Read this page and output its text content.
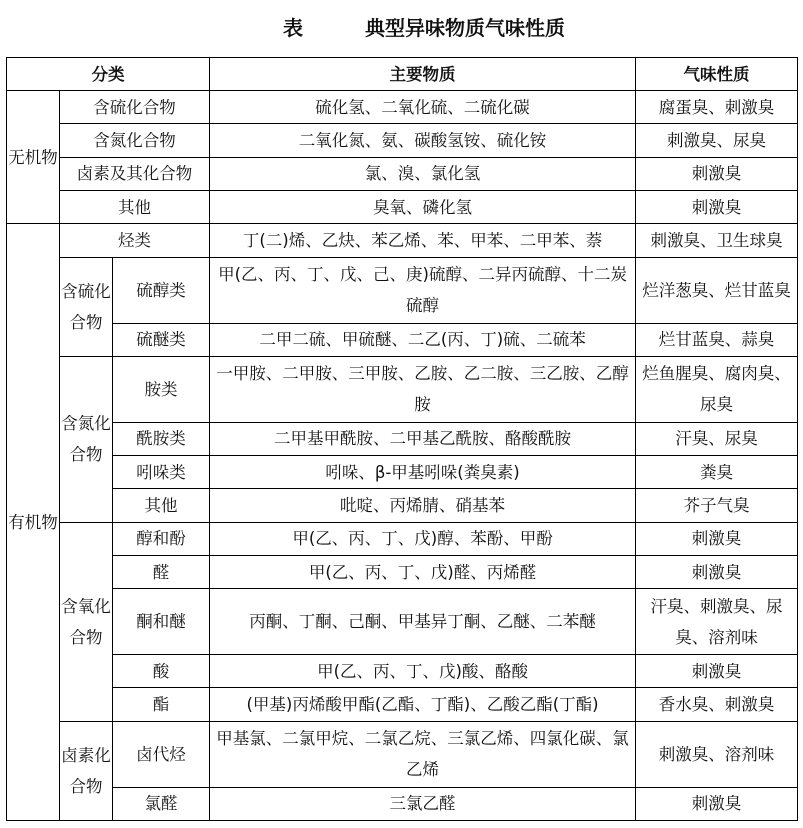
表	典型异味物质气味性质
分类			主要物质	气味性质
无机物	含硫化合物		硫化氢、二氧化硫、二硫化碳	腐蛋臭、刺激臭
	含氮化合物		二氧化氮、氨、碳酸氢铵、硫化铵	刺激臭、尿臭
	卤素及其化合物		氯、溴、氯化氢	刺激臭
	其他		臭氧、磷化氢	刺激臭
有机物	烃类		丁(二)烯、乙炔、苯乙烯、苯、甲苯、二甲苯、萘	刺激臭、卫生球臭
	含硫化合物	硫醇类	甲(乙、丙、丁、戊、己、庚)硫醇、二异丙硫醇、十二炭硫醇	烂洋葱臭、烂甘蓝臭
		硫醚类	二甲二硫、甲硫醚、二乙(丙、丁)硫、二硫苯	烂甘蓝臭、蒜臭
	含氮化合物	胺类	一甲胺、二甲胺、三甲胺、乙胺、乙二胺、三乙胺、乙醇胺	烂鱼腥臭、腐肉臭、尿臭
		酰胺类	二甲基甲酰胺、二甲基乙酰胺、酪酸酰胺	汗臭、尿臭
		吲哚类	吲哚、β-甲基吲哚(粪臭素)	粪臭
		其他	吡啶、丙烯腈、硝基苯	芥子气臭
	含氧化合物	醇和酚	甲(乙、丙、丁、戊)醇、苯酚、甲酚	刺激臭
		醛	甲(乙、丙、丁、戊)醛、丙烯醛	刺激臭
		酮和醚	丙酮、丁酮、己酮、甲基异丁酮、乙醚、二苯醚	汗臭、刺激臭、尿臭、溶剂味
		酸	甲(乙、丙、丁、戊)酸、酪酸	刺激臭
		酯	(甲基)丙烯酸甲酯(乙酯、丁酯)、乙酸乙酯(丁酯)	香水臭、刺激臭
	卤素化合物	卤代烃	甲基氯、二氯甲烷、二氯乙烷、三氯乙烯、四氯化碳、氯乙烯	刺激臭、溶剂味
		氯醛	三氯乙醛	刺激臭
